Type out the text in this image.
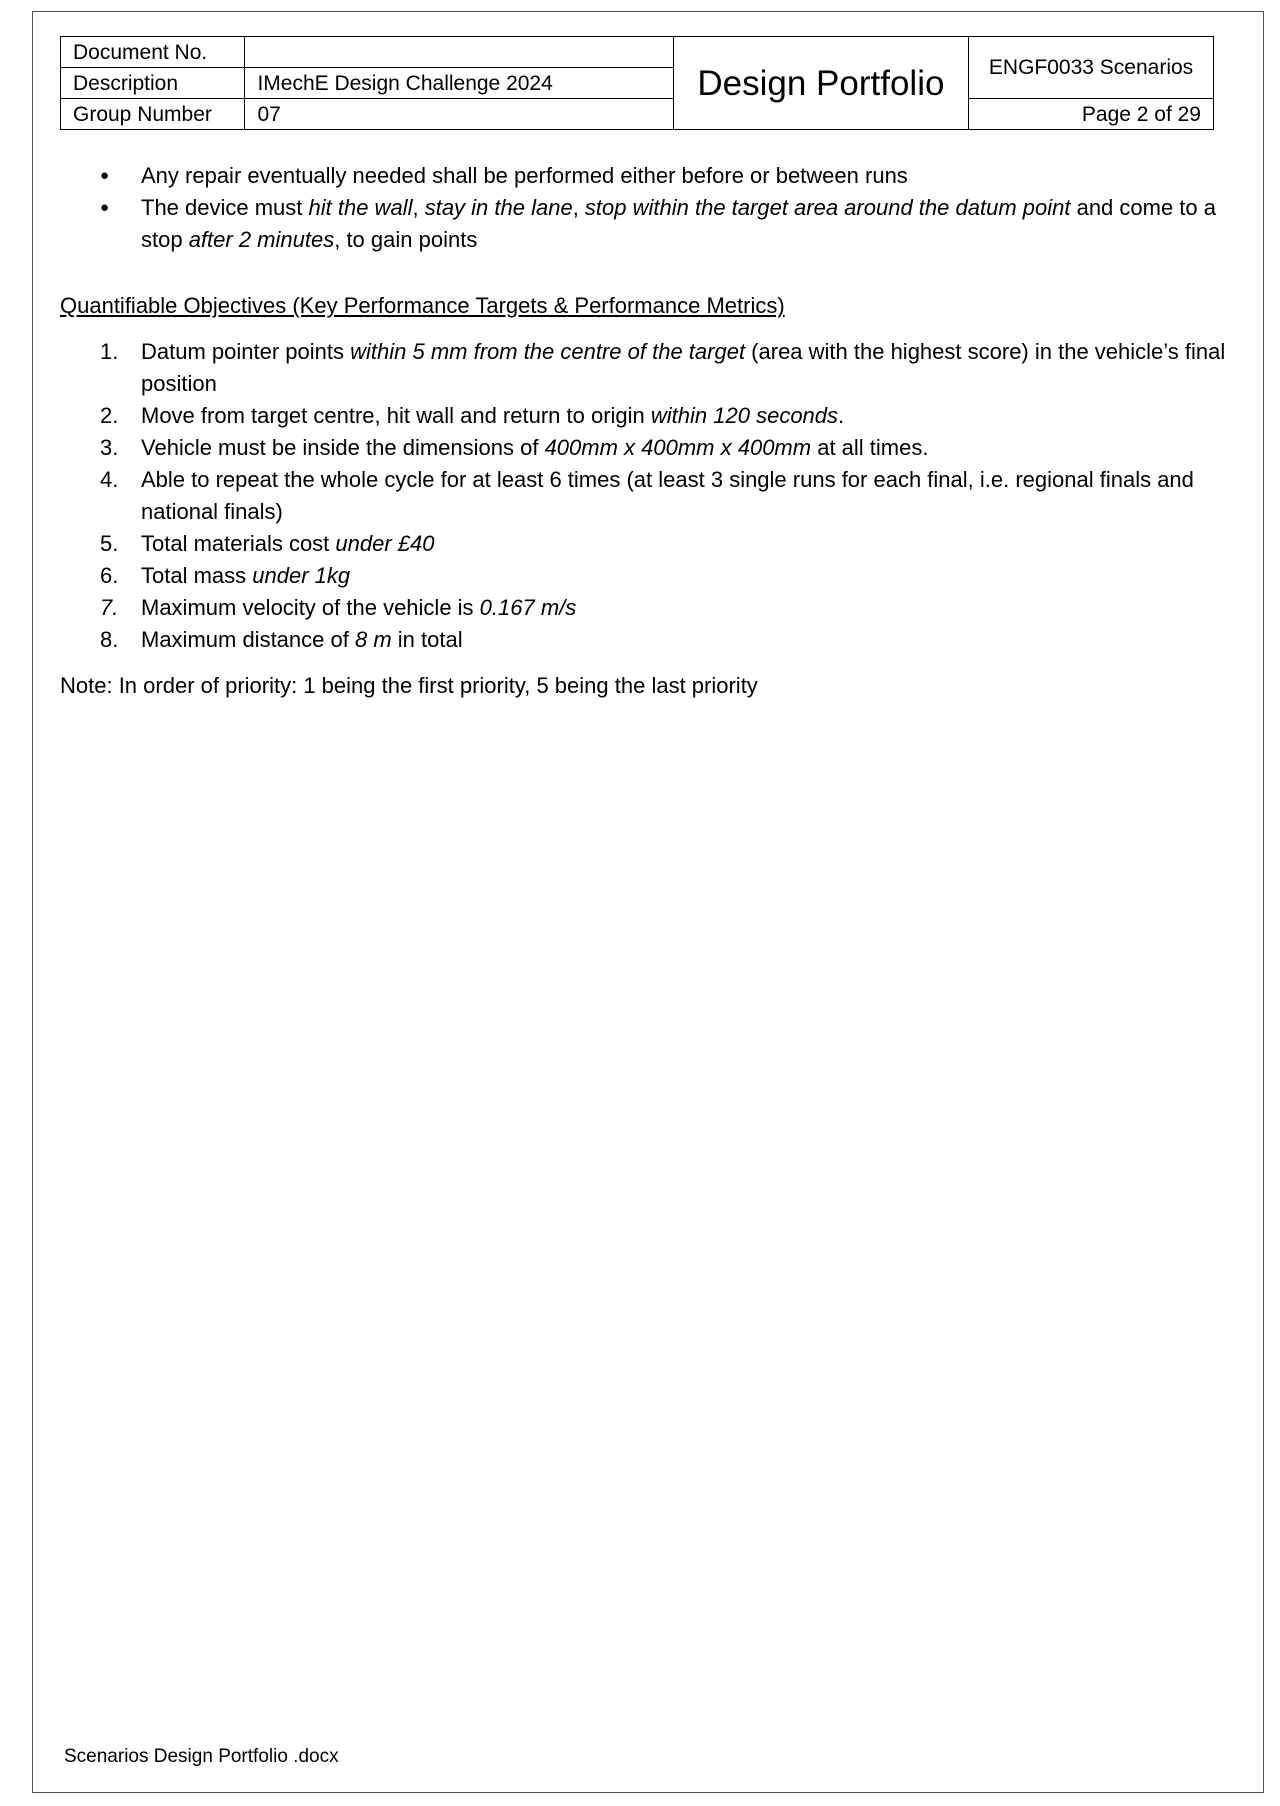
Document No.		Design Portfolio	ENGF0033 Scenarios
Description	IMechE Design Challenge 2024		
Group Number	07		Page 2 of 29
● Any repair eventually needed shall be performed either before or between runs
● The device must hit the wall, stay in the lane, stop within the target area around the datum point and come to a stop after 2 minutes, to gain points
Quantifiable Objectives (Key Performance Targets & Performance Metrics)
1. Datum pointer points within 5 mm from the centre of the target (area with the highest score) in the vehicle’s final position
2. Move from target centre, hit wall and return to origin within 120 seconds.
3. Vehicle must be inside the dimensions of 400mm x 400mm x 400mm at all times.
4. Able to repeat the whole cycle for at least 6 times (at least 3 single runs for each final, i.e. regional finals and national finals)
5. Total materials cost under £40
6. Total mass under 1kg
7. Maximum velocity of the vehicle is 0.167 m/s
8. Maximum distance of 8 m in total

Note: In order of priority: 1 being the first priority, 5 being the last priority

Scenarios Design Portfolio .docx
